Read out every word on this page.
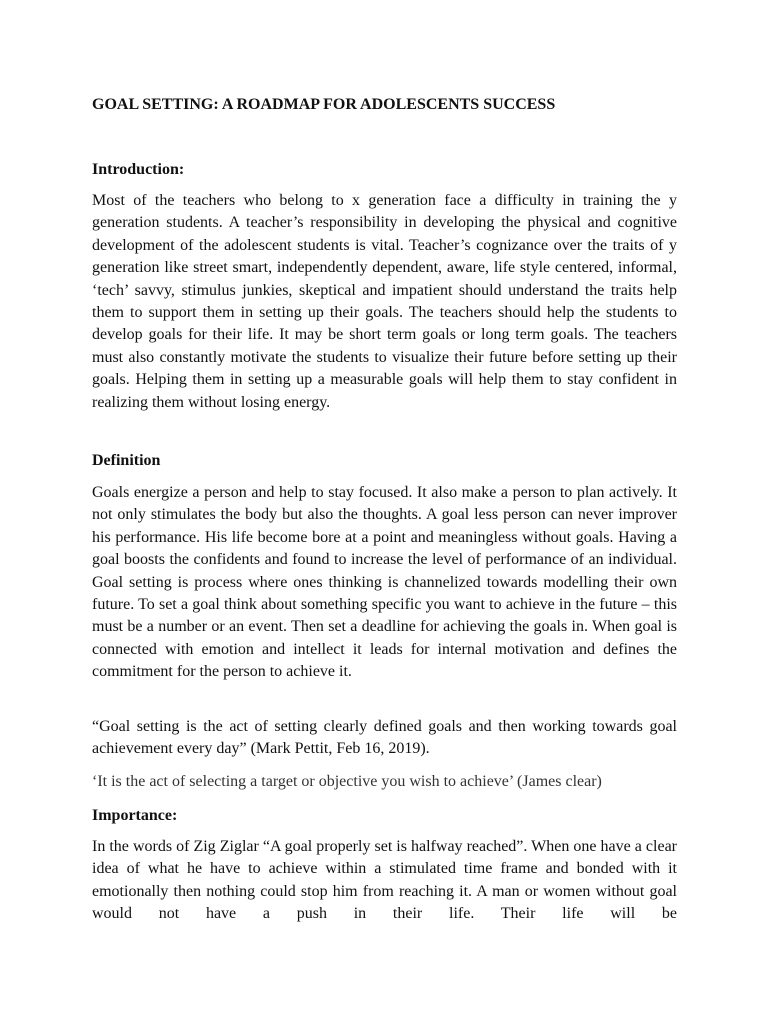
GOAL SETTING: A ROADMAP FOR ADOLESCENTS SUCCESS
Introduction:

Most of the teachers who belong to x generation face a difficulty in training the y generation students. A teacher’s responsibility in developing the physical and cognitive development of the adolescent students is vital. Teacher’s cognizance over the traits of y generation like street smart, independently dependent, aware, life style centered, informal, ‘tech’ savvy, stimulus junkies, skeptical and impatient should understand the traits help them to support them in setting up their goals. The teachers should help the students to develop goals for their life. It may be short term goals or long term goals. The teachers must also constantly motivate the students to visualize their future before setting up their goals. Helping them in setting up a measurable goals will help them to stay confident in realizing them without losing energy.

Definition

Goals energize a person and help to stay focused. It also make a person to plan actively. It not only stimulates the body but also the thoughts. A goal less person can never improver his performance. His life become bore at a point and meaningless without goals. Having a goal boosts the confidents and found to increase the level of performance of an individual. Goal setting is process where ones thinking is channelized towards modelling their own future. To set a goal think about something specific you want to achieve in the future – this must be a number or an event. Then set a deadline for achieving the goals in. When goal is connected with emotion and intellect it leads for internal motivation and defines the commitment for the person to achieve it.

“Goal setting is the act of setting clearly defined goals and then working towards goal achievement every day” (Mark Pettit, Feb 16, 2019).

‘It is the act of selecting a target or objective you wish to achieve’ (James clear)

Importance:

In the words of Zig Ziglar “A goal properly set is halfway reached”. When one have a clear idea of what he have to achieve within a stimulated time frame and bonded with it emotionally then nothing could stop him from reaching it. A man or women without goal would not have a push in their life. Their life will be
